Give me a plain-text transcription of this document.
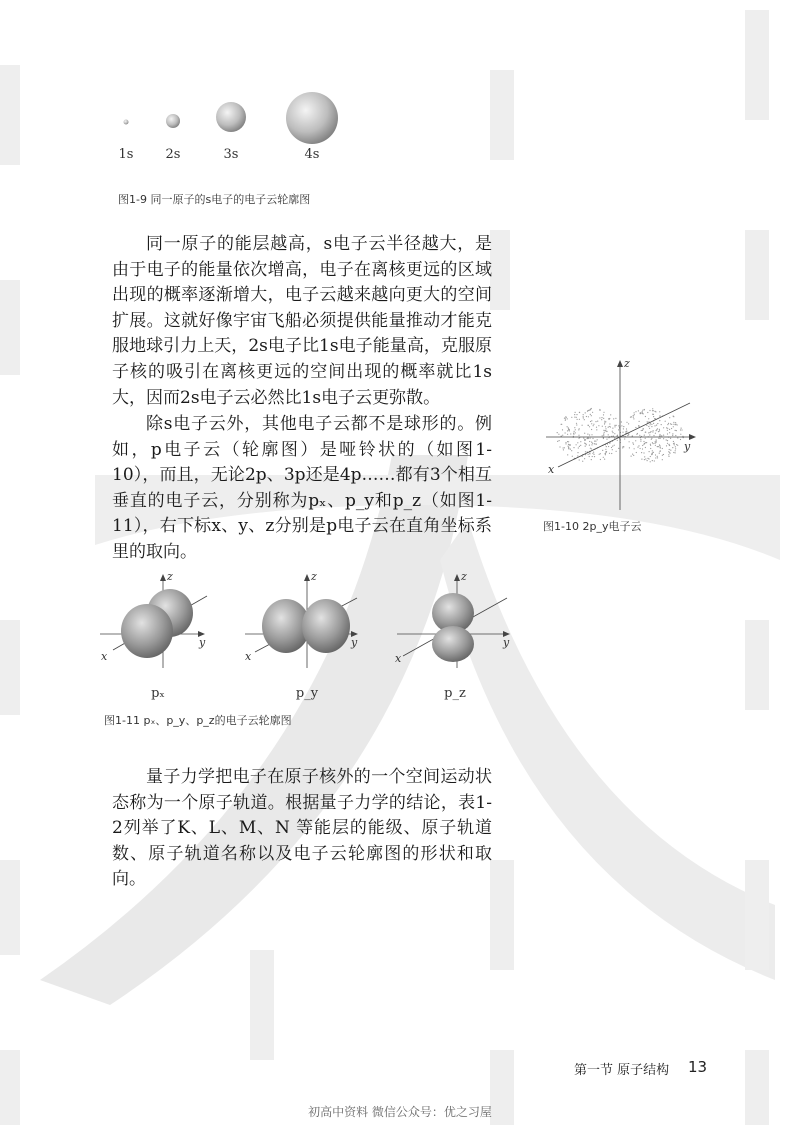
1s	2s	3s	4s
图1-9 同一原子的s电子的电子云轮廓图

同一原子的能层越高，s电子云半径越大，是由于电子的能量依次增高，电子在离核更远的区域出现的概率逐渐增大，电子云越来越向更大的空间扩展。这就好像宇宙飞船必须提供能量推动才能克服地球引力上天，2s电子比1s电子能量高，克服原子核的吸引在离核更远的空间出现的概率就比1s大，因而2s电子云必然比1s电子云更弥散。

除s电子云外，其他电子云都不是球形的。例如，p电子云（轮廓图）是哑铃状的（如图1-10），而且，无论2p、3p还是4p……都有3个相互垂直的电子云，分别称为pₓ、p_y和p_z（如图1-11），右下标x、y、z分别是p电子云在直角坐标系里的取向。

z
y
x
图1-10 2p_y电子云
z
y
x
z
y
x
z
y
x
pₓ	p_y	p_z
图1-11 pₓ、p_y、p_z的电子云轮廓图

量子力学把电子在原子核外的一个空间运动状态称为一个原子轨道。根据量子力学的结论，表1-2列举了K、L、M、N 等能层的能级、原子轨道数、原子轨道名称以及电子云轮廓图的形状和取向。

第一节 原子结构 13
初高中资料 微信公众号：优之习屋
